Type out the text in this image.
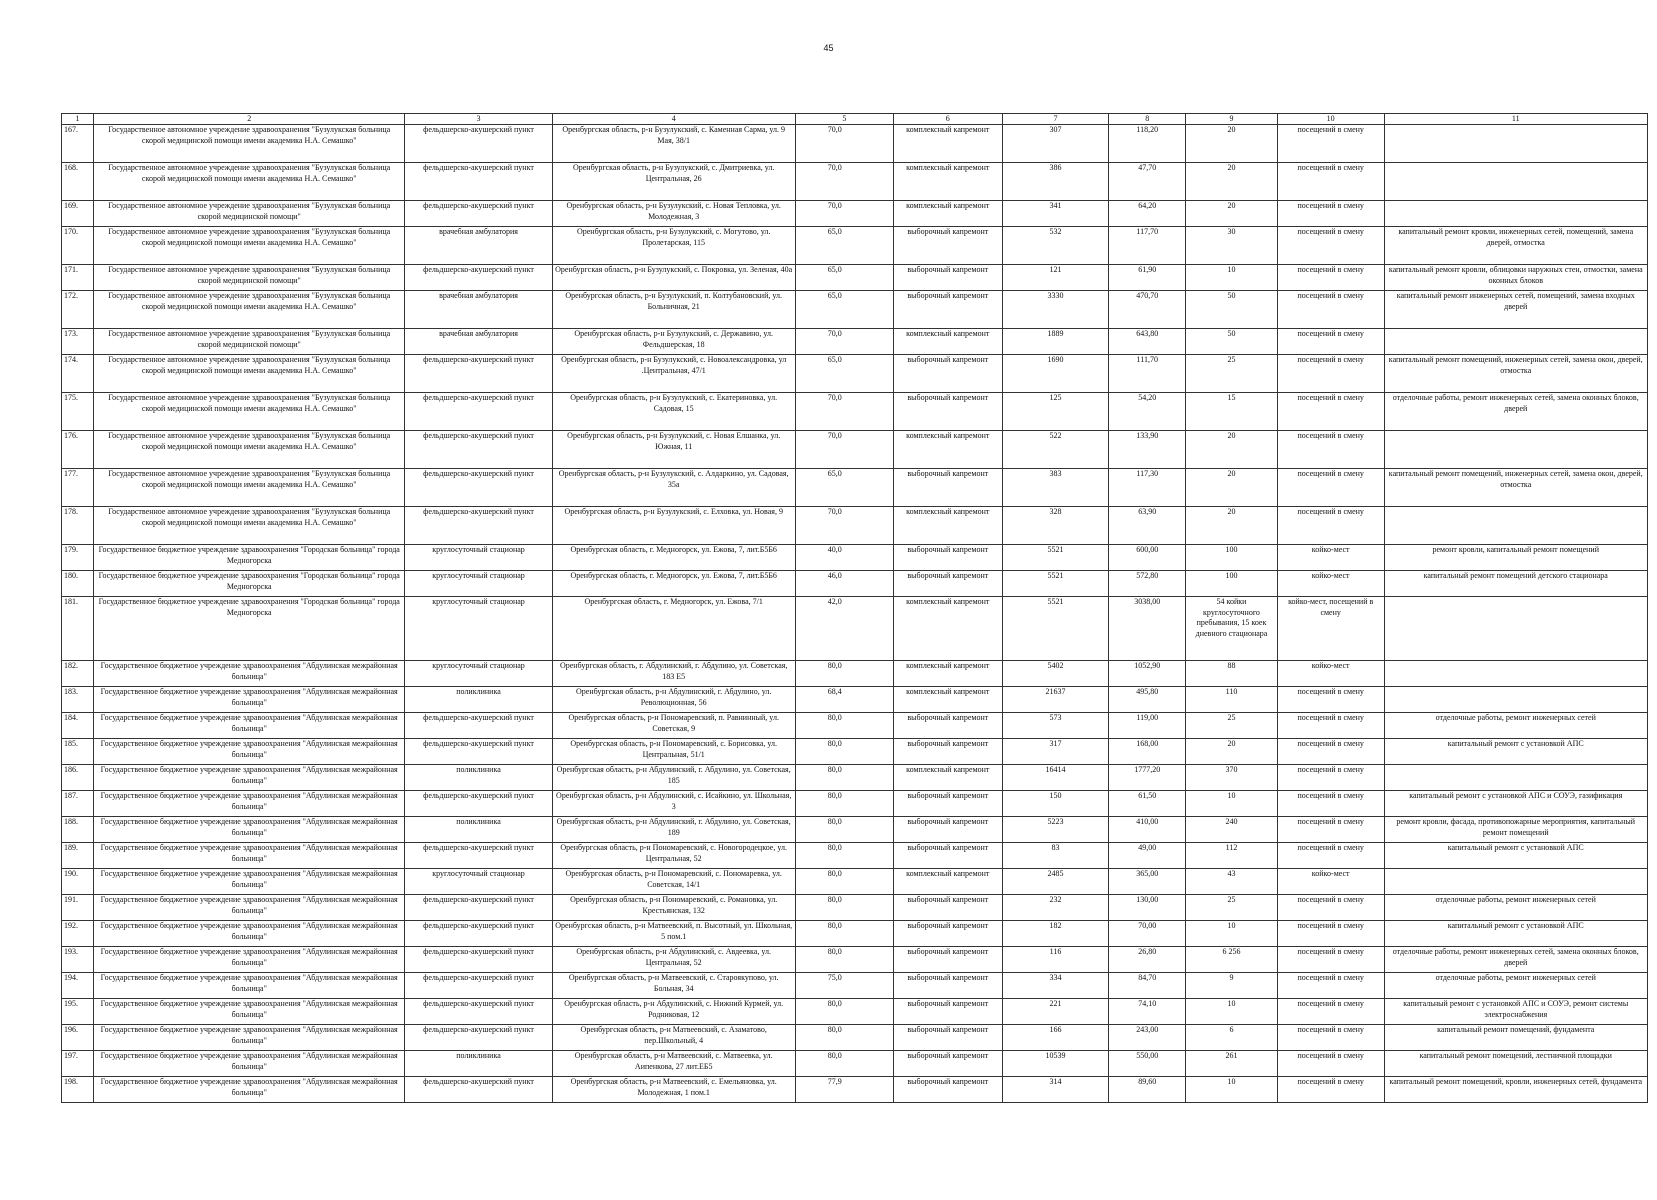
45
1	2	3	4	5	6	7	8	9	10	11
167.	Государственное автономное учреждение здравоохранения "Бузулукская больница скорой медицинской помощи имени академика Н.А. Семашко"	фельдшерско-акушерский пункт	Оренбургская область, р-н Бузулукский, с. Каменная Сарма, ул. 9 Мая, 38/1	70,0	комплексный капремонт	307	118,20	20	посещений в смену	
168.	Государственное автономное учреждение здравоохранения "Бузулукская больница скорой медицинской помощи имени академика Н.А. Семашко"	фельдшерско-акушерский пункт	Оренбургская область, р-н Бузулукский, с. Дмитриевка, ул. Центральная, 26	70,0	комплексный капремонт	386	47,70	20	посещений в смену	
169.	Государственное автономное учреждение здравоохранения "Бузулукская больница скорой медицинской помощи"	фельдшерско-акушерский пункт	Оренбургская область, р-н Бузулукский, с. Новая Тепловка, ул. Молодежная, 3	70,0	комплексный капремонт	341	64,20	20	посещений в смену	
170.	Государственное автономное учреждение здравоохранения "Бузулукская больница скорой медицинской помощи имени академика Н.А. Семашко"	врачебная амбулатория	Оренбургская область, р-н Бузулукский, с. Могутово, ул. Пролетарская, 115	65,0	выборочный капремонт	532	117,70	30	посещений в смену	капитальный ремонт кровли, инженерных сетей, помещений, замена дверей, отмостка
171.	Государственное автономное учреждение здравоохранения "Бузулукская больница скорой медицинской помощи"	фельдшерско-акушерский пункт	Оренбургская область, р-н Бузулукский, с. Покровка, ул. Зеленая, 40а	65,0	выборочный капремонт	121	61,90	10	посещений в смену	капитальный ремонт кровли, облицовки наружных стен, отмостки, замена оконных блоков
172.	Государственное автономное учреждение здравоохранения "Бузулукская больница скорой медицинской помощи имени академика Н.А. Семашко"	врачебная амбулатория	Оренбургская область, р-н Бузулукский, п. Колтубановский, ул. Больничная, 21	65,0	выборочный капремонт	3330	470,70	50	посещений в смену	капитальный ремонт инженерных сетей, помещений, замена входных дверей
173.	Государственное автономное учреждение здравоохранения "Бузулукская больница скорой медицинской помощи"	врачебная амбулатория	Оренбургская область, р-н Бузулукский, с. Державино, ул. Фельдшерская, 18	70,0	комплексный капремонт	1889	643,80	50	посещений в смену	
174.	Государственное автономное учреждение здравоохранения "Бузулукская больница скорой медицинской помощи имени академика Н.А. Семашко"	фельдшерско-акушерский пункт	Оренбургская область, р-н Бузулукский, с. Новоалександровка, ул .Центральная, 47/1	65,0	выборочный капремонт	1690	111,70	25	посещений в смену	капитальный ремонт помещений, инженерных сетей, замена окон, дверей, отмостка
175.	Государственное автономное учреждение здравоохранения "Бузулукская больница скорой медицинской помощи имени академика Н.А. Семашко"	фельдшерско-акушерский пункт	Оренбургская область, р-н Бузулукский, с. Екатериновка, ул. Садовая, 15	70,0	выборочный капремонт	125	54,20	15	посещений в смену	отделочные работы, ремонт инженерных сетей, замена оконных блоков, дверей
176.	Государственное автономное учреждение здравоохранения "Бузулукская больница скорой медицинской помощи имени академика Н.А. Семашко"	фельдшерско-акушерский пункт	Оренбургская область, р-н Бузулукский, с. Новая Елшанка, ул. Южная, 11	70,0	комплексный капремонт	522	133,90	20	посещений в смену	
177.	Государственное автономное учреждение здравоохранения "Бузулукская больница скорой медицинской помощи имени академика Н.А. Семашко"	фельдшерско-акушерский пункт	Оренбургская область, р-н Бузулукский, с. Алдаркино, ул. Садовая, 35а	65,0	выборочный капремонт	383	117,30	20	посещений в смену	капитальный ремонт помещений, инженерных сетей, замена окон, дверей, отмостка
178.	Государственное автономное учреждение здравоохранения "Бузулукская больница скорой медицинской помощи имени академика Н.А. Семашко"	фельдшерско-акушерский пункт	Оренбургская область, р-н Бузулукский, с. Елховка, ул. Новая, 9	70,0	комплексный капремонт	328	63,90	20	посещений в смену	
179.	Государственное бюджетное учреждение здравоохранения "Городская больница" города Медногорска	круглосуточный стационар	Оренбургская область, г. Медногорск, ул. Ежова, 7, лит.Б5Б6	40,0	выборочный капремонт	5521	600,00	100	койко-мест	ремонт кровли, капитальный ремонт помещений
180.	Государственное бюджетное учреждение здравоохранения "Городская больница" города Медногорска	круглосуточный стационар	Оренбургская область, г. Медногорск, ул. Ежова, 7, лит.Б5Б6	46,0	выборочный капремонт	5521	572,80	100	койко-мест	капитальный ремонт помещений детского стационара
181.	Государственное бюджетное учреждение здравоохранения "Городская больница" города Медногорска	круглосуточный стационар	Оренбургская область, г. Медногорск, ул. Ежова, 7/1	42,0	комплексный капремонт	5521	3038,00	54 койки круглосуточного пребывания, 15 коек дневного стационара	койко-мест, посещений в смену	
182.	Государственное бюджетное учреждение здравоохранения "Абдулинская межрайонная больница"	круглосуточный стационар	Оренбургская область, г. Абдулинский, г. Абдулино, ул. Советская, 183 Е5	80,0	комплексный капремонт	5402	1052,90	88	койко-мест	
183.	Государственное бюджетное учреждение здравоохранения "Абдулинская межрайонная больница"	поликлиника	Оренбургская область, р-н Абдулинский, г. Абдулино, ул. Революционная, 56	68,4	комплексный капремонт	21637	495,80	110	посещений в смену	
184.	Государственное бюджетное учреждение здравоохранения "Абдулинская межрайонная больница"	фельдшерско-акушерский пункт	Оренбургская область, р-н Пономаревский, п. Равнинный, ул. Советская, 9	80,0	выборочный капремонт	573	119,00	25	посещений в смену	отделочные работы, ремонт инженерных сетей
185.	Государственное бюджетное учреждение здравоохранения "Абдулинская межрайонная больница"	фельдшерско-акушерский пункт	Оренбургская область, р-н Пономаревский, с. Борисовка, ул. Центральная, 51/1	80,0	выборочный капремонт	317	168,00	20	посещений в смену	капитальный ремонт с установкой АПС
186.	Государственное бюджетное учреждение здравоохранения "Абдулинская межрайонная больница"	поликлиника	Оренбургская область, р-н Абдулинский, г. Абдулино, ул. Советская, 185	80,0	комплексный капремонт	16414	1777,20	370	посещений в смену	
187.	Государственное бюджетное учреждение здравоохранения "Абдулинская межрайонная больница"	фельдшерско-акушерский пункт	Оренбургская область, р-н Абдулинский, с. Исайкино, ул. Школьная, 3	80,0	выборочный капремонт	150	61,50	10	посещений в смену	капитальный ремонт с установкой АПС и СОУЭ, газификация
188.	Государственное бюджетное учреждение здравоохранения "Абдулинская межрайонная больница"	поликлиника	Оренбургская область, р-н Абдулинский, г. Абдулино, ул. Советская, 189	80,0	выборочный капремонт	5223	410,00	240	посещений в смену	ремонт кровли, фасада, противопожарные мероприятия, капитальный ремонт помещений
189.	Государственное бюджетное учреждение здравоохранения "Абдулинская межрайонная больница"	фельдшерско-акушерский пункт	Оренбургская область, р-н Пономаревский, с. Новогородецкое, ул. Центральная, 52	80,0	выборочный капремонт	83	49,00	112	посещений в смену	капитальный ремонт с установкой АПС
190.	Государственное бюджетное учреждение здравоохранения "Абдулинская межрайонная больница"	круглосуточный стационар	Оренбургская область, р-н Пономаревский, с. Пономаревка, ул. Советская, 14/1	80,0	комплексный капремонт	2485	365,00	43	койко-мест	
191.	Государственное бюджетное учреждение здравоохранения "Абдулинская межрайонная больница"	фельдшерско-акушерский пункт	Оренбургская область, р-н Пономаревский, с. Романовка, ул. Крестьянская, 132	80,0	выборочный капремонт	232	130,00	25	посещений в смену	отделочные работы, ремонт инженерных сетей
192.	Государственное бюджетное учреждение здравоохранения "Абдулинская межрайонная больница"	фельдшерско-акушерский пункт	Оренбургская область, р-н Матвеевский, п. Высотный, ул. Школьная, 5 пом.1	80,0	выборочный капремонт	182	70,00	10	посещений в смену	капитальный ремонт с установкой АПС
193.	Государственное бюджетное учреждение здравоохранения "Абдулинская межрайонная больница"	фельдшерско-акушерский пункт	Оренбургская область, р-н Абдулинский, с. Авдеевка, ул. Центральная, 52	80,0	выборочный капремонт	116	26,80	6 256	посещений в смену	отделочные работы, ремонт инженерных сетей, замена оконных блоков, дверей
194.	Государственное бюджетное учреждение здравоохранения "Абдулинская межрайонная больница"	фельдшерско-акушерский пункт	Оренбургская область, р-н Матвеевский, с. Староякупово, ул. Больная, 34	75,0	выборочный капремонт	334	84,70	9	посещений в смену	отделочные работы, ремонт инженерных сетей
195.	Государственное бюджетное учреждение здравоохранения "Абдулинская межрайонная больница"	фельдшерско-акушерский пункт	Оренбургская область, р-н Абдулинский, с. Нижний Курмей, ул. Родниковая, 12	80,0	выборочный капремонт	221	74,10	10	посещений в смену	капитальный ремонт с установкой АПС и СОУЭ, ремонт системы электроснабжения
196.	Государственное бюджетное учреждение здравоохранения "Абдулинская межрайонная больница"	фельдшерско-акушерский пункт	Оренбургская область, р-н Матвеевский, с. Азаматово, пер.Школьный, 4	80,0	выборочный капремонт	166	243,00	6	посещений в смену	капитальный ремонт помещений, фундамента
197.	Государственное бюджетное учреждение здравоохранения "Абдулинская межрайонная больница"	поликлиника	Оренбургская область, р-н Матвеевский, с. Матвеевка, ул. Аипенкова, 27 лит.ЕБ5	80,0	выборочный капремонт	10539	550,00	261	посещений в смену	капитальный ремонт помещений, лестничной площадки
198.	Государственное бюджетное учреждение здравоохранения "Абдулинская межрайонная больница"	фельдшерско-акушерский пункт	Оренбургская область, р-н Матвеевский, с. Емельяновка, ул. Молодежная, 1 пом.1	77,9	выборочный капремонт	314	89,60	10	посещений в смену	капитальный ремонт помещений, кровли, инженерных сетей, фундамента
